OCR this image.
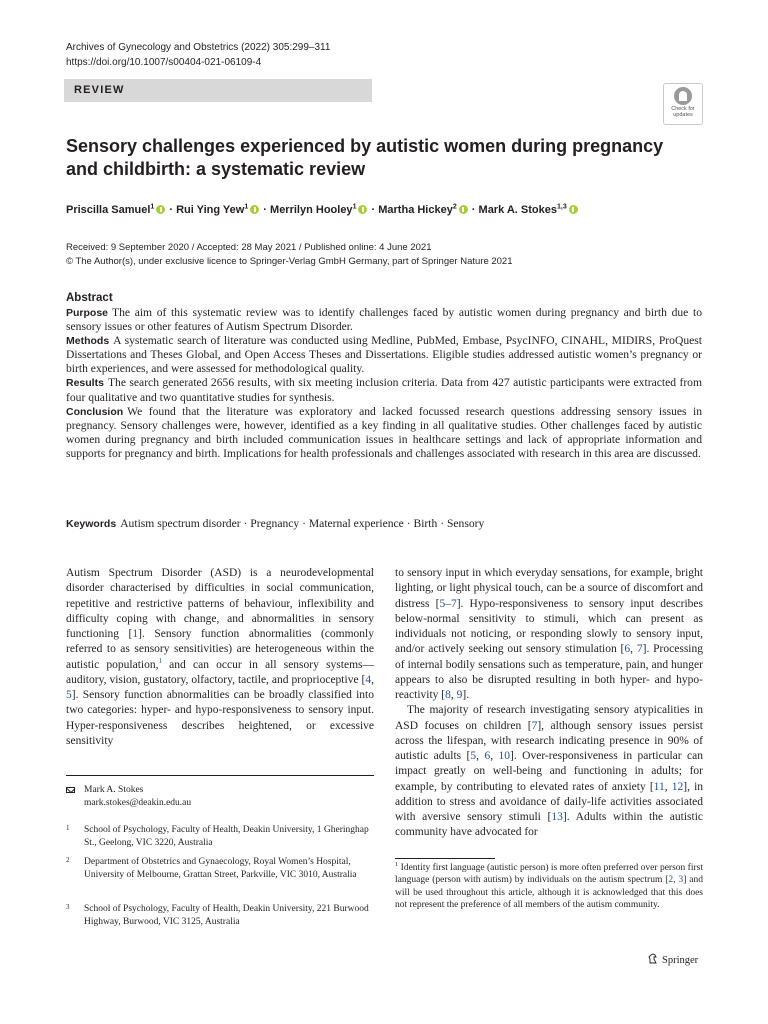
Archives of Gynecology and Obstetrics (2022) 305:299–311
https://doi.org/10.1007/s00404-021-06109-4
REVIEW
Check for
updates
Sensory challenges experienced by autistic women during pregnancy
and childbirth: a systematic review
Priscilla Samuel$^1$ · Rui Ying Yew$^1$ · Merrilyn Hooley$^1$ · Martha Hickey$^2$ · Mark A. Stokes$^{1,3}$
Received: 9 September 2020 / Accepted: 28 May 2021 / Published online: 4 June 2021
© The Author(s), under exclusive licence to Springer-Verlag GmbH Germany, part of Springer Nature 2021
Abstract

Purpose The aim of this systematic review was to identify challenges faced by autistic women during pregnancy and birth due to sensory issues or other features of Autism Spectrum Disorder.

Methods A systematic search of literature was conducted using Medline, PubMed, Embase, PsycINFO, CINAHL, MIDIRS, ProQuest Dissertations and Theses Global, and Open Access Theses and Dissertations. Eligible studies addressed autistic women’s pregnancy or birth experiences, and were assessed for methodological quality.

Results The search generated 2656 results, with six meeting inclusion criteria. Data from 427 autistic participants were extracted from four qualitative and two quantitative studies for synthesis.

Conclusion We found that the literature was exploratory and lacked focussed research questions addressing sensory issues in pregnancy. Sensory challenges were, however, identified as a key finding in all qualitative studies. Other challenges faced by autistic women during pregnancy and birth included communication issues in healthcare settings and lack of appropriate information and supports for pregnancy and birth. Implications for health professionals and challenges associated with research in this area are discussed.

Keywords Autism spectrum disorder · Pregnancy · Maternal experience · Birth · Sensory

Autism Spectrum Disorder (ASD) is a neurodevelopmental disorder characterised by difficulties in social communication, repetitive and restrictive patterns of behaviour, inflexibility and difficulty coping with change, and abnormalities in sensory functioning [1]. Sensory function abnormalities (commonly referred to as sensory sensitivities) are heterogeneous within the autistic population,$^1$ and can occur in all sensory systems—auditory, vision, gustatory, olfactory, tactile, and proprioceptive [4, 5]. Sensory function abnormalities can be broadly classified into two categories: hyper- and hypo-responsiveness to sensory input. Hyper-responsiveness describes heightened, or excessive sensitivity

Mark A. Stokes
mark.stokes@deakin.edu.au
1 School of Psychology, Faculty of Health, Deakin University, 1 Gheringhap St., Geelong, VIC 3220, Australia
2 Department of Obstetrics and Gynaecology, Royal Women’s Hospital, University of Melbourne, Grattan Street, Parkville, VIC 3010, Australia
3 School of Psychology, Faculty of Health, Deakin University, 221 Burwood Highway, Burwood, VIC 3125, Australia
to sensory input in which everyday sensations, for example, bright lighting, or light physical touch, can be a source of discomfort and distress [5–7]. Hypo-responsiveness to sensory input describes below-normal sensitivity to stimuli, which can present as individuals not noticing, or responding slowly to sensory input, and/or actively seeking out sensory stimulation [6, 7]. Processing of internal bodily sensations such as temperature, pain, and hunger appears to also be disrupted resulting in both hyper- and hypo-reactivity [8, 9].
The majority of research investigating sensory atypicalities in ASD focuses on children [7], although sensory issues persist across the lifespan, with research indicating presence in 90% of autistic adults [5, 6, 10]. Over-responsiveness in particular can impact greatly on well-being and functioning in adults; for example, by contributing to elevated rates of anxiety [11, 12], in addition to stress and avoidance of daily-life activities associated with aversive sensory stimuli [13]. Adults within the autistic community have advocated for
$^1$ Identity first language (autistic person) is more often preferred over person first language (person with autism) by individuals on the autism spectrum [2, 3] and will be used throughout this article, although it is acknowledged that this does not represent the preference of all members of the autism community.
Springer
